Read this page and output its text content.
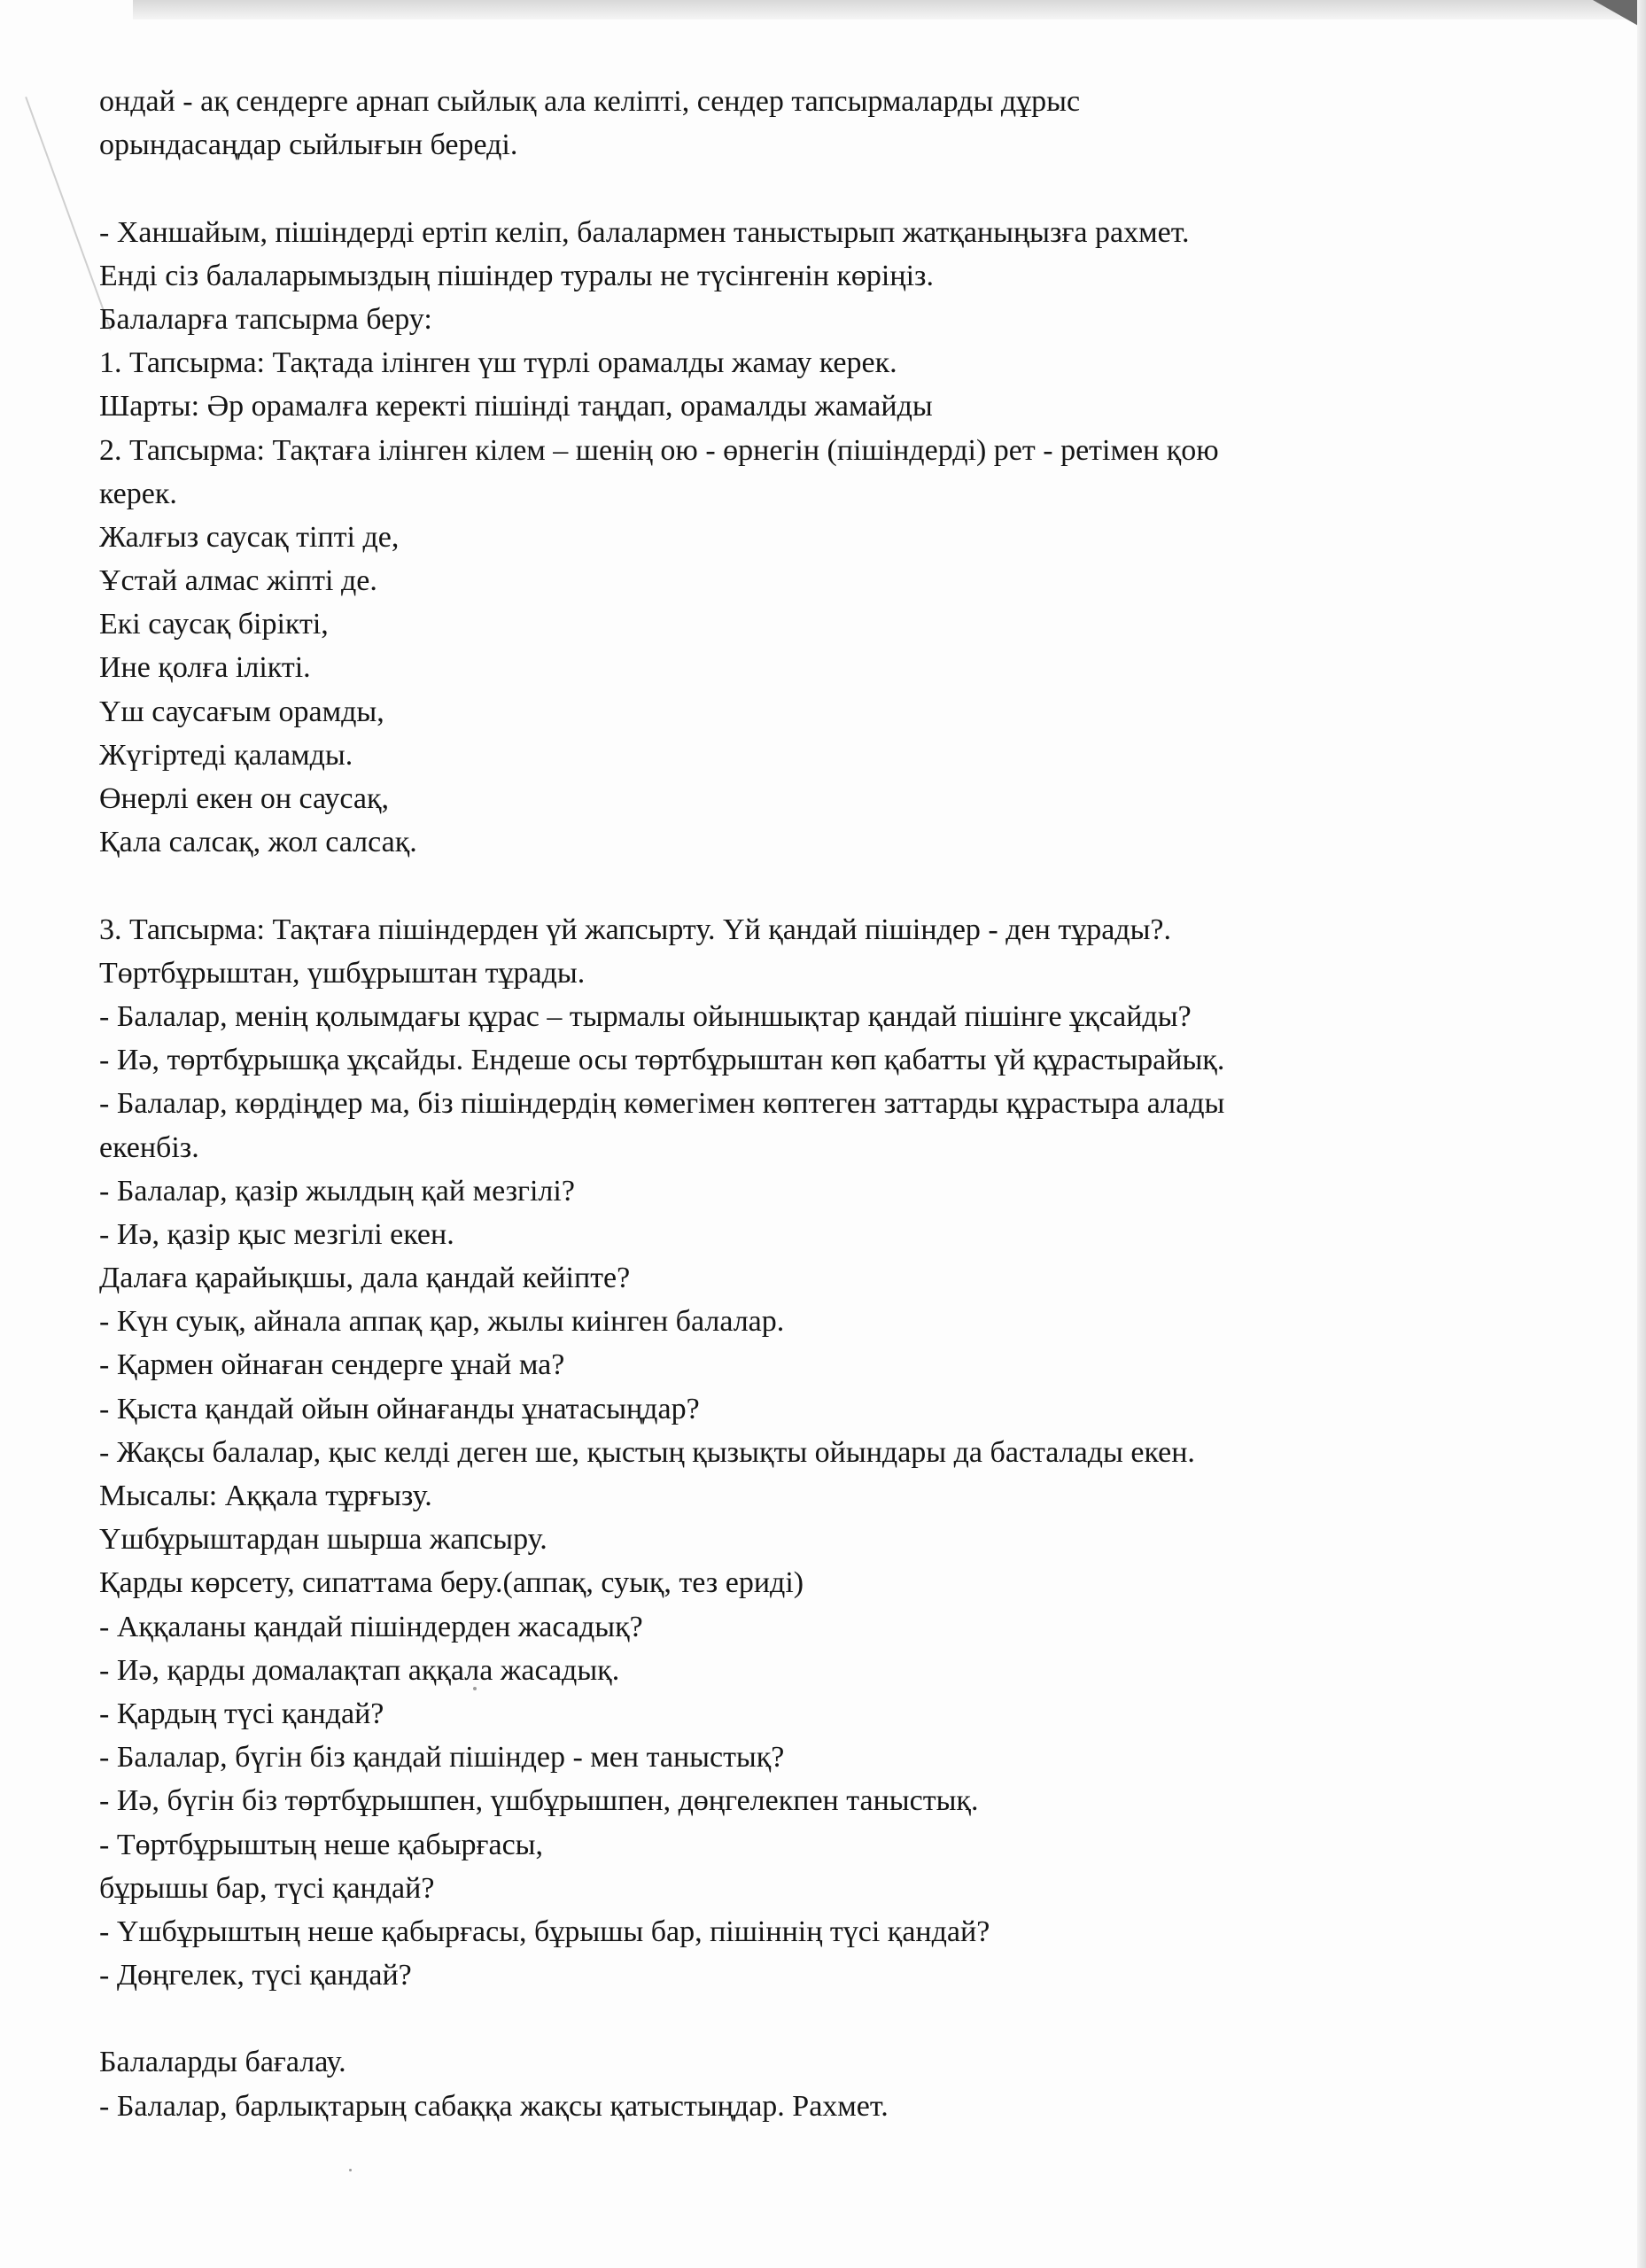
ондай - ақ сендерге арнап сыйлық ала келіпті, сендер тапсырмаларды дұрыс

орындасаңдар сыйлығын береді.

- Ханшайым, пішіндерді ертіп келіп, балалармен таныстырып жатқаныңызға рахмет.

Енді сіз балаларымыздың пішіндер туралы не түсінгенін көріңіз.

Балаларға тапсырма беру:

1. Тапсырма: Тақтада ілінген үш түрлі орамалды жамау керек.

Шарты: Әр орамалға керекті пішінді таңдап, орамалды жамайды

2. Тапсырма: Тақтаға ілінген кілем – шенің ою - өрнегін (пішіндерді) рет - ретімен қою

керек.

Жалғыз саусақ тіпті де,

Ұстай алмас жіпті де.

Екі саусақ бірікті,

Ине қолға ілікті.

Үш саусағым орамды,

Жүгіртеді қаламды.

Өнерлі екен он саусақ,

Қала салсақ, жол салсақ.

3. Тапсырма: Тақтаға пішіндерден үй жапсырту. Үй қандай пішіндер - ден тұрады?.

Төртбұрыштан, үшбұрыштан тұрады.

- Балалар, менің қолымдағы құрас – тырмалы ойыншықтар қандай пішінге ұқсайды?

- Иә, төртбұрышқа ұқсайды. Ендеше осы төртбұрыштан көп қабатты үй құрастырайық.

- Балалар, көрдіңдер ма, біз пішіндердің көмегімен көптеген заттарды құрастыра алады

екенбіз.

- Балалар, қазір жылдың қай мезгілі?

- Иә, қазір қыс мезгілі екен.

Далаға қарайықшы, дала қандай кейіпте?

- Күн суық, айнала аппақ қар, жылы киінген балалар.

- Қармен ойнаған сендерге ұнай ма?

- Қыста қандай ойын ойнағанды ұнатасыңдар?

- Жақсы балалар, қыс келді деген ше, қыстың қызықты ойындары да басталады екен.

Мысалы: Аққала тұрғызу.

Үшбұрыштардан шырша жапсыру.

Қарды көрсету, сипаттама беру.(аппақ, суық, тез ериді)

- Аққаланы қандай пішіндерден жасадық?

- Иә, қарды домалақтап аққала жасадық.

- Қардың түсі қандай?

- Балалар, бүгін біз қандай пішіндер - мен таныстық?

- Иә, бүгін біз төртбұрышпен, үшбұрышпен, дөңгелекпен таныстық.

- Төртбұрыштың неше қабырғасы,

бұрышы бар, түсі қандай?

- Үшбұрыштың неше қабырғасы, бұрышы бар, пішіннің түсі қандай?

- Дөңгелек, түсі қандай?

Балаларды бағалау.

- Балалар, барлықтарың сабаққа жақсы қатыстыңдар. Рахмет.
